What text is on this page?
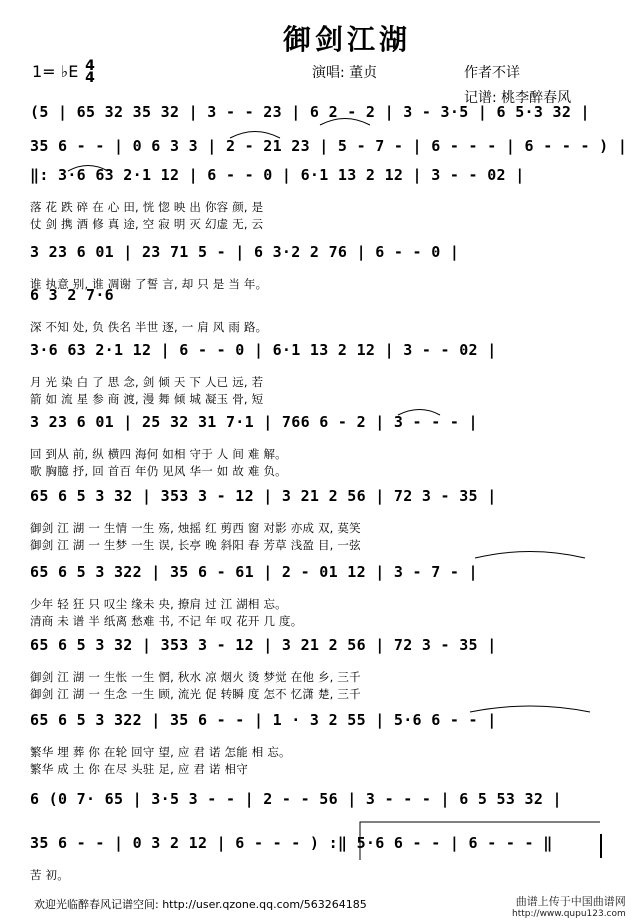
御剑江湖
1= ♭E 4
4	演唱: 董贞	作者不详
记谱: 桃李醉春风
(5 | 65 32 35 32 | 3 - - 23 | 6 2 - 2 | 3 - 3·5 | 6 5·3 32 |
35 6 - - | 0 6 3 3 | 2 - 21 23 | 5 - 7 - | 6 - - - | 6 - - - ) |
‖: 3·6 63 2·1 12 | 6 - - 0 | 6·1 13 2 12 | 3 - - 02 |
落 花 跌 碎 在 心 田, 恍 惚 映 出 你容 颜, 是
仗 剑 携 酒 修 真 途, 空 寂 明 灭 幻虚 无, 云
3 23 6 01 | 23 71 5 - | 6 3·2 2 76 | 6 - - 0 |
谁 执意 别, 谁 凋谢 了誓 言, 却 只 是 当 年。
6 3 2 7·6
深 不知 处, 负 佚名 半世 逐, 一 肩 风 雨 路。
3·6 63 2·1 12 | 6 - - 0 | 6·1 13 2 12 | 3 - - 02 |
月 光 染 白 了 思 念, 剑 倾 天 下 人已 远, 若
箭 如 流 星 参 商 渡, 漫 舞 倾 城 凝玉 骨, 短
3 23 6 01 | 25 32 31 7·1 | 766 6 - 2 | 3 - - - |
回 到从 前, 纵 横四 海何 如相 守于 人 间 难 解。
歌 胸臆 抒, 回 首百 年仍 见风 华一 如 故 难 负。
65 6 5 3 32 | 353 3 - 12 | 3 21 2 56 | 72 3 - 35 |
御剑 江 湖 一 生情 一生 殇, 烛摇 红 剪西 窗 对影 亦成 双, 莫笑
御剑 江 湖 一 生梦 一生 误, 长亭 晚 斜阳 春 芳草 浅盈 目, 一弦
65 6 5 3 322 | 35 6 - 61 | 2 - 01 12 | 3 - 7 - |
少年 轻 狂 只 叹尘 缘未 央, 撩肩 过 江 湖相 忘。
清商 未 谱 半 纸离 愁难 书, 不记 年 叹 花开 几 度。
65 6 5 3 32 | 353 3 - 12 | 3 21 2 56 | 72 3 - 35 |
御剑 江 湖 一 生怅 一生 惘, 秋水 凉 烟火 烫 梦觉 在他 乡, 三千
御剑 江 湖 一 生念 一生 顾, 流光 促 转瞬 度 怎不 忆潇 楚, 三千
65 6 5 3 322 | 35 6 - - | 1 · 3 2 55 | 5·6 6 - - |
繁华 埋 葬 你 在轮 回守 望, 应 君 诺 怎能 相 忘。
繁华 成 土 你 在尽 头驻 足, 应 君 诺 相守
6 (0 7· 65 | 3·5 3 - - | 2 - - 56 | 3 - - - | 6 5 53 32 |
35 6 - - | 0 3 2 12 | 6 - - - ) :‖ 5·6 6 - - | 6 - - - ‖
苦 初。
欢迎光临醉春风记谱空间: http://user.qzone.qq.com/563264185	曲谱上传于中国曲谱网
http://www.qupu123.com
